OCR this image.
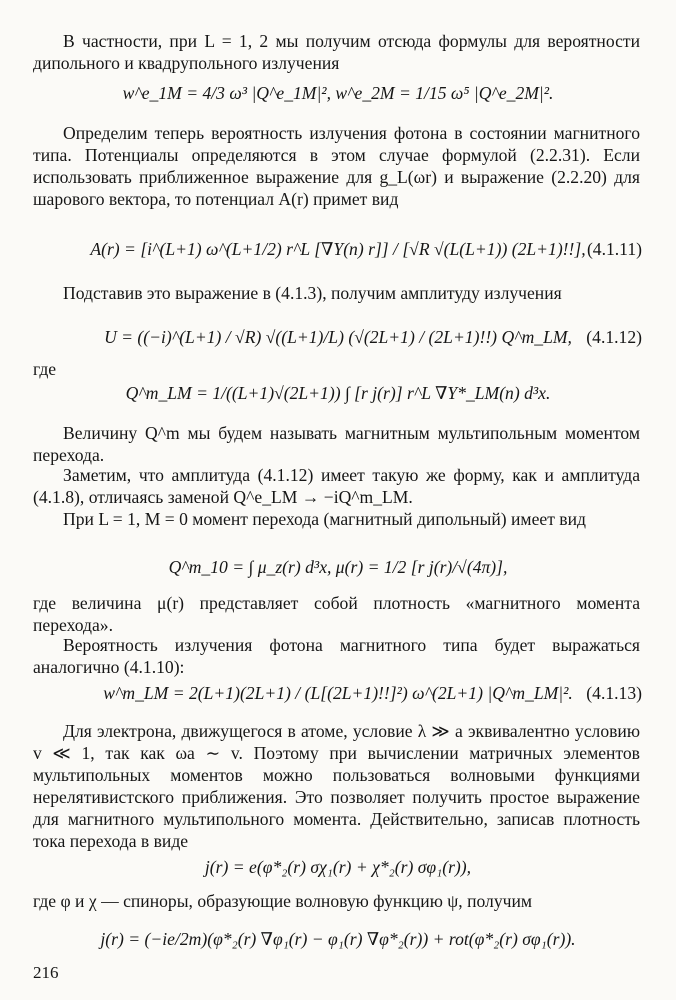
В частности, при L = 1, 2 мы получим отсюда формулы для вероятности дипольного и квадрупольного излучения

w^e_1M = 4/3 ω³ |Q^e_1M|², w^e_2M = 1/15 ω⁵ |Q^e_2M|².

Определим теперь вероятность излучения фотона в состоянии магнитного типа. Потенциалы определяются в этом случае формулой (2.2.31). Если использовать приближенное выражение для g_L(ωr) и выражение (2.2.20) для шарового вектора, то потенциал A(r) примет вид

A(r) = [i^(L+1) ω^(L+1/2) r^L [∇Y(n) r]] / [√R √(L(L+1)) (2L+1)!!], (4.1.11)

Подставив это выражение в (4.1.3), получим амплитуду излучения

U = ((−i)^(L+1) / √R) √((L+1)/L) (√(2L+1) / (2L+1)!!) Q^m_LM, (4.1.12)

где

Q^m_LM = 1/((L+1)√(2L+1)) ∫ [r j(r)] r^L ∇Y*_LM(n) d³x.

Величину Q^m мы будем называть магнитным мультипольным моментом перехода.

Заметим, что амплитуда (4.1.12) имеет такую же форму, как и амплитуда (4.1.8), отличаясь заменой Q^e_LM → −iQ^m_LM.

При L = 1, M = 0 момент перехода (магнитный дипольный) имеет вид

Q^m_10 = ∫ μ_z(r) d³x, μ(r) = 1/2 [r j(r)/√(4π)],

где величина μ(r) представляет собой плотность «магнитного момента перехода».

Вероятность излучения фотона магнитного типа будет выражаться аналогично (4.1.10):

w^m_LM = 2(L+1)(2L+1) / (L[(2L+1)!!]²) ω^(2L+1) |Q^m_LM|². (4.1.13)

Для электрона, движущегося в атоме, условие λ ≫ a эквивалентно условию v ≪ 1, так как ωa ∼ v. Поэтому при вычислении матричных элементов мультипольных моментов можно пользоваться волновыми функциями нерелятивистского приближения. Это позволяет получить простое выражение для магнитного мультипольного момента. Действительно, записав плотность тока перехода в виде

j(r) = e(φ*₂(r) σχ₁(r) + χ*₂(r) σφ₁(r)),

где φ и χ — спиноры, образующие волновую функцию ψ, получим

j(r) = (−ie/2m)(φ*₂(r) ∇φ₁(r) − φ₁(r) ∇φ*₂(r)) + rot(φ*₂(r) σφ₁(r)).
216
